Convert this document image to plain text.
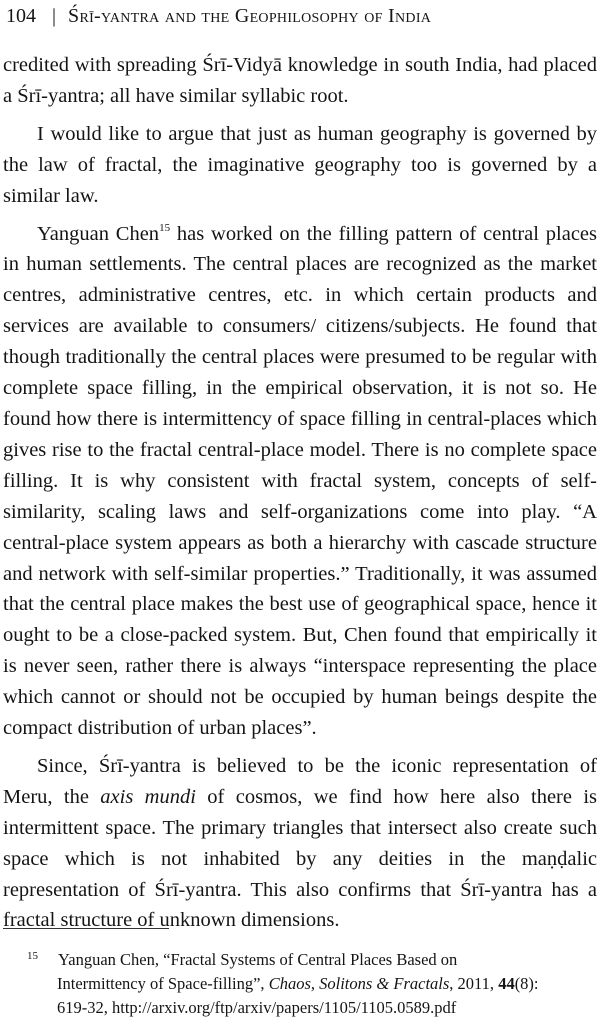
104 | Śrī-yantra and the Geophilosophy of India

credited with spreading Śrī-Vidyā knowledge in south India, had placed a Śrī-yantra; all have similar syllabic root.

I would like to argue that just as human geography is governed by the law of fractal, the imaginative geography too is governed by a similar law.

Yanguan Chen$^{15}$ has worked on the filling pattern of central places in human settlements. The central places are recognized as the market centres, administrative centres, etc. in which certain products and services are available to consumers/ citizens/subjects. He found that though traditionally the central places were presumed to be regular with complete space filling, in the empirical observation, it is not so. He found how there is intermittency of space filling in central-places which gives rise to the fractal central-place model. There is no complete space filling. It is why consistent with fractal system, concepts of self-similarity, scaling laws and self-organizations come into play. “A central-place system appears as both a hierarchy with cascade structure and network with self-similar properties.” Traditionally, it was assumed that the central place makes the best use of geographical space, hence it ought to be a close-packed system. But, Chen found that empirically it is never seen, rather there is always “interspace representing the place which cannot or should not be occupied by human beings despite the compact distribution of urban places”.

Since, Śrī-yantra is believed to be the iconic representation of Meru, the axis mundi of cosmos, we find how here also there is intermittent space. The primary triangles that intersect also create such space which is not inhabited by any deities in the maṇḍalic representation of Śrī-yantra. This also confirms that Śrī-yantra has a fractal structure of unknown dimensions.

15 Yanguan Chen, “Fractal Systems of Central Places Based on
Intermittency of Space-filling”, Chaos, Solitons & Fractals, 2011, 44(8):
619-32, http://arxiv.org/ftp/arxiv/papers/1105/1105.0589.pdf
